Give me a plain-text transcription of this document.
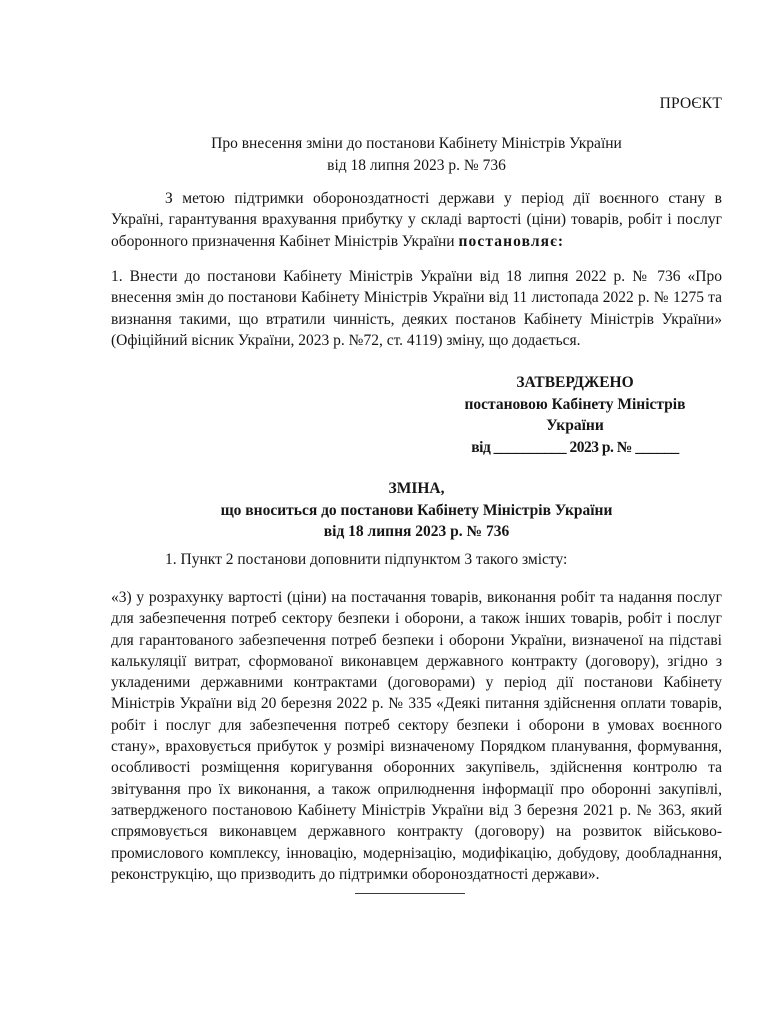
ПРОЄКТ
Про внесення зміни до постанови Кабінету Міністрів України
від 18 липня 2023 р. № 736
З метою підтримки обороноздатності держави у період дії воєнного стану в Україні, гарантування врахування прибутку у складі вартості (ціни) товарів, робіт і послуг оборонного призначення Кабінет Міністрів України постановляє:
1. Внести до постанови Кабінету Міністрів України від 18 липня 2022 р. № 736 «Про внесення змін до постанови Кабінету Міністрів України від 11 листопада 2022 р. № 1275 та визнання такими, що втратили чинність, деяких постанов Кабінету Міністрів України» (Офіційний вісник України, 2023 р. №72, ст. 4119) зміну, що додається.
ЗАТВЕРДЖЕНО
постановою Кабінету Міністрів
України
від __________ 2023 р. № ______
ЗМІНА,
що вноситься до постанови Кабінету Міністрів України
від 18 липня 2023 р. № 736
1. Пункт 2 постанови доповнити підпунктом 3 такого змісту:
«3) у розрахунку вартості (ціни) на постачання товарів, виконання робіт та надання послуг для забезпечення потреб сектору безпеки і оборони, а також інших товарів, робіт і послуг для гарантованого забезпечення потреб безпеки і оборони України, визначеної на підставі калькуляції витрат, сформованої виконавцем державного контракту (договору), згідно з укладеними державними контрактами (договорами) у період дії постанови Кабінету Міністрів України від 20 березня 2022 р. № 335 «Деякі питання здійснення оплати товарів, робіт і послуг для забезпечення потреб сектору безпеки і оборони в умовах воєнного стану», враховується прибуток у розмірі визначеному Порядком планування, формування, особливості розміщення коригування оборонних закупівель, здійснення контролю та звітування про їх виконання, а також оприлюднення інформації про оборонні закупівлі, затвердженого постановою Кабінету Міністрів України від 3 березня 2021 р. № 363, який спрямовується виконавцем державного контракту (договору) на розвиток військово-промислового комплексу, інновацію, модернізацію, модифікацію, добудову, дообладнання, реконструкцію, що призводить до підтримки обороноздатності держави».
